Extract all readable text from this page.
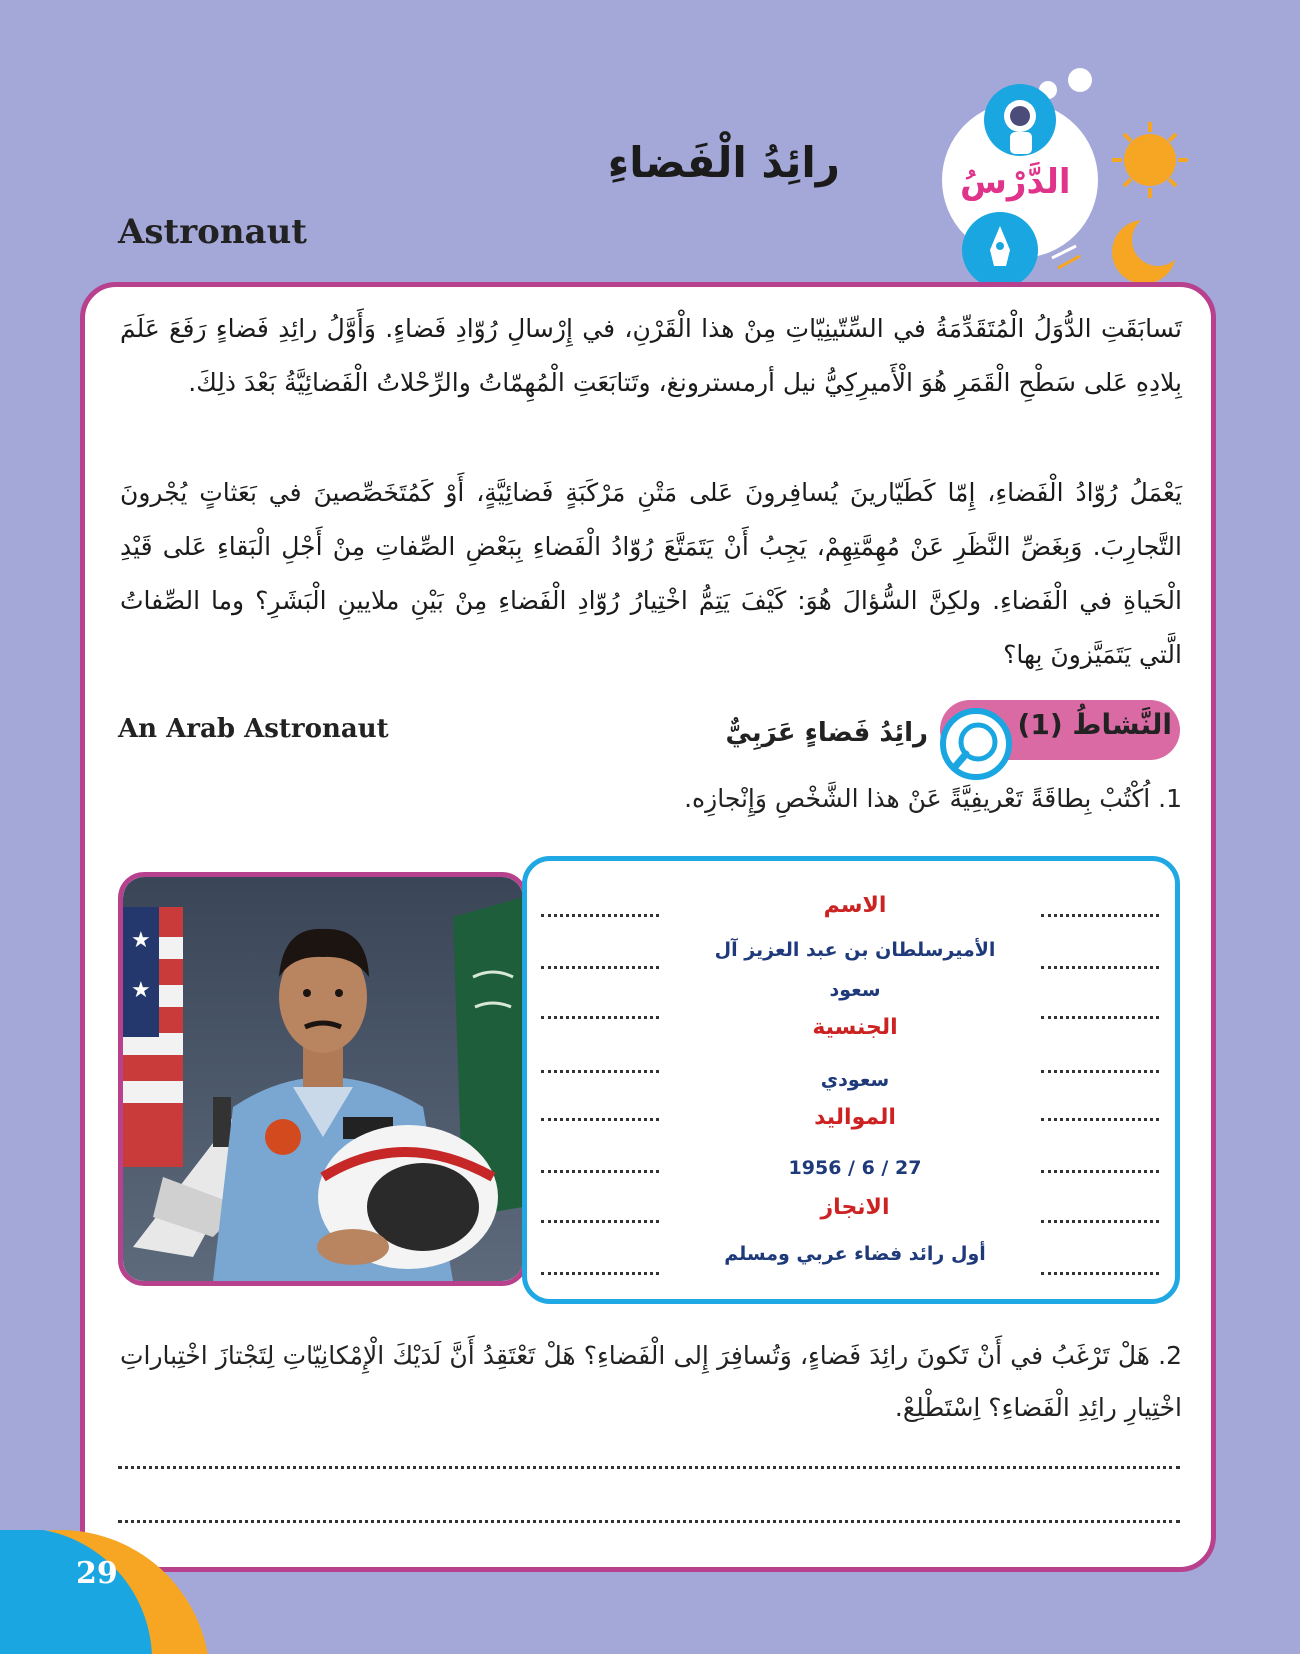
الدَّرْسُ
رائِدُ الْفَضاءِ
Astronaut

تَسابَقَتِ الدُّوَلُ الْمُتَقَدِّمَةُ في السِّتّينِيّاتِ مِنْ هذا الْقَرْنِ، في إِرْسالِ رُوّادِ فَضاءٍ. وَأَوَّلُ رائِدِ فَضاءٍ رَفَعَ عَلَمَ بِلادِهِ عَلى سَطْحِ الْقَمَرِ هُوَ الْأَميرِكِيُّ نيل أرمسترونغ، وتَتابَعَتِ الْمُهِمّاتُ والرِّحْلاتُ الْفَضائِيَّةُ بَعْدَ ذلِكَ.

يَعْمَلُ رُوّادُ الْفَضاءِ، إِمّا كَطَيّارينَ يُسافِرونَ عَلى مَتْنِ مَرْكَبَةٍ فَضائِيَّةٍ، أَوْ كَمُتَخَصِّصينَ في بَعَثاتٍ يُجْرونَ التَّجارِبَ. وَبِغَضِّ النَّظَرِ عَنْ مُهِمَّتِهِمْ، يَجِبُ أَنْ يَتَمَتَّعَ رُوّادُ الْفَضاءِ بِبَعْضِ الصِّفاتِ مِنْ أَجْلِ الْبَقاءِ عَلى قَيْدِ الْحَياةِ في الْفَضاءِ. ولكِنَّ السُّؤالَ هُوَ: كَيْفَ يَتِمُّ اخْتِيارُ رُوّادِ الْفَضاءِ مِنْ بَيْنِ ملايينِ الْبَشَرِ؟ وما الصِّفاتُ الَّتي يَتَمَيَّزونَ بِها؟

النَّشاطُ (1)
رائِدُ فَضاءٍ عَرَبِيٌّ
An Arab Astronaut
1. اُكْتُبْ بِطاقَةً تَعْريفِيَّةً عَنْ هذا الشَّخْصِ وَإِنْجازِه.
★
★
الاسم
الأميرسلطان بن عبد العزيز آل
سعود
الجنسية
سعودي
المواليد
1956 / 6 / 27
الانجاز
أول رائد فضاء عربي ومسلم

2. هَلْ تَرْغَبُ في أَنْ تَكونَ رائِدَ فَضاءٍ، وَتُسافِرَ إِلى الْفَضاءِ؟ هَلْ تَعْتَقِدُ أَنَّ لَدَيْكَ الْإِمْكانِيّاتِ لِتَجْتازَ اخْتِباراتِ اخْتِيارِ رائِدِ الْفَضاءِ؟ اِسْتَطْلِعْ.

29
